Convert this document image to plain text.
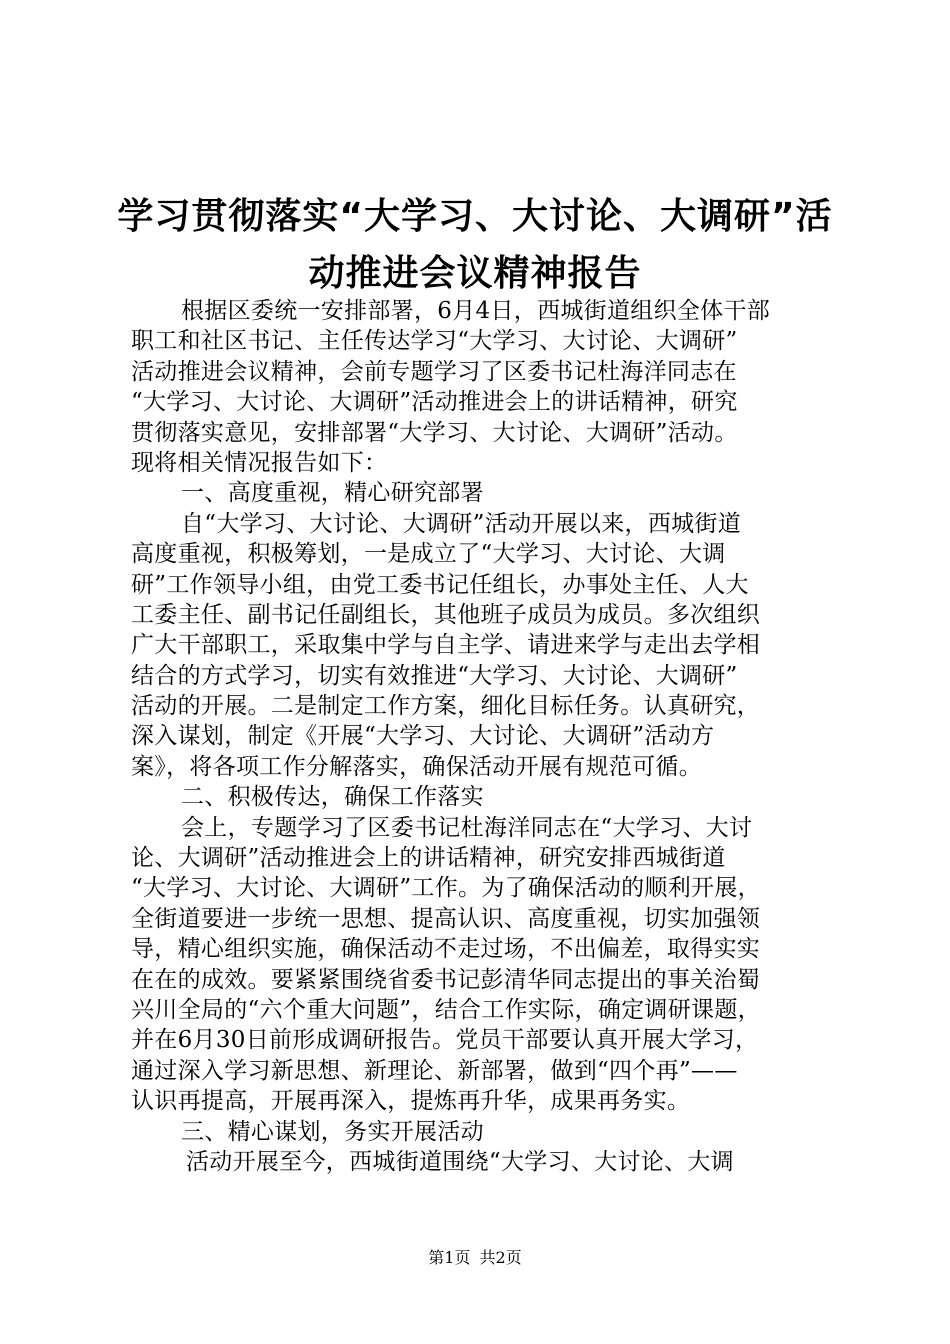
学习贯彻落实“大学习、大讨论、大调研”活
动推进会议精神报告
根据区委统一安排部署，6月4日，西城街道组织全体干部
职工和社区书记、主任传达学习“大学习、大讨论、大调研”
活动推进会议精神，会前专题学习了区委书记杜海洋同志在
“大学习、大讨论、大调研”活动推进会上的讲话精神，研究
贯彻落实意见，安排部署“大学习、大讨论、大调研”活动。
现将相关情况报告如下：
一、高度重视，精心研究部署
自“大学习、大讨论、大调研”活动开展以来，西城街道
高度重视，积极筹划，一是成立了“大学习、大讨论、大调
研”工作领导小组，由党工委书记任组长，办事处主任、人大
工委主任、副书记任副组长，其他班子成员为成员。多次组织
广大干部职工，采取集中学与自主学、请进来学与走出去学相
结合的方式学习，切实有效推进“大学习、大讨论、大调研”
活动的开展。二是制定工作方案，细化目标任务。认真研究，
深入谋划，制定《开展“大学习、大讨论、大调研”活动方
案》，将各项工作分解落实，确保活动开展有规范可循。
二、积极传达，确保工作落实
会上，专题学习了区委书记杜海洋同志在“大学习、大讨
论、大调研”活动推进会上的讲话精神，研究安排西城街道
“大学习、大讨论、大调研”工作。为了确保活动的顺利开展，
全街道要进一步统一思想、提高认识、高度重视，切实加强领
导，精心组织实施，确保活动不走过场，不出偏差，取得实实
在在的成效。要紧紧围绕省委书记彭清华同志提出的事关治蜀
兴川全局的“六个重大问题”，结合工作实际，确定调研课题，
并在6月30日前形成调研报告。党员干部要认真开展大学习，
通过深入学习新思想、新理论、新部署，做到“四个再”——
认识再提高，开展再深入，提炼再升华，成果再务实。
三、精心谋划，务实开展活动
活动开展至今，西城街道围绕“大学习、大讨论、大调
第1页 共2页
